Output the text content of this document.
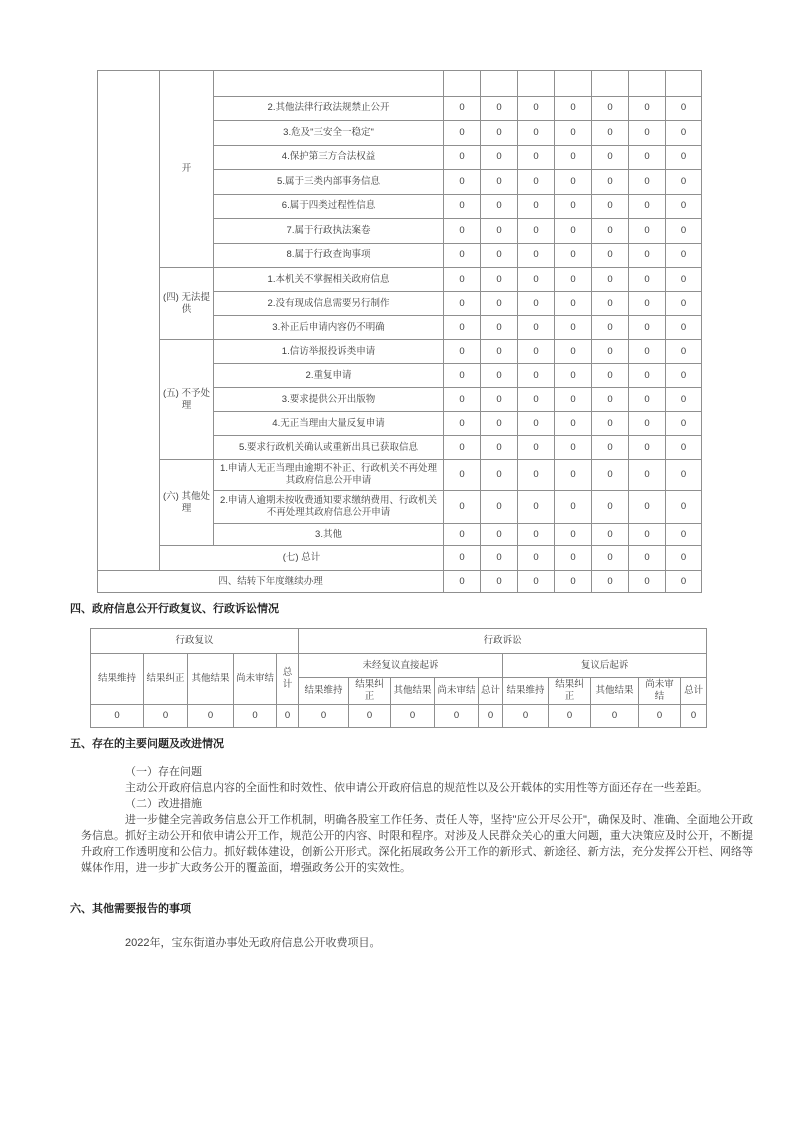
	开								
		2.其他法律行政法规禁止公开	0	0	0	0	0	0	0
		3.危及"三安全一稳定"	0	0	0	0	0	0	0
		4.保护第三方合法权益	0	0	0	0	0	0	0
		5.属于三类内部事务信息	0	0	0	0	0	0	0
		6.属于四类过程性信息	0	0	0	0	0	0	0
		7.属于行政执法案卷	0	0	0	0	0	0	0
		8.属于行政查询事项	0	0	0	0	0	0	0
	(四) 无法提供	1.本机关不掌握相关政府信息	0	0	0	0	0	0	0
		2.没有现成信息需要另行制作	0	0	0	0	0	0	0
		3.补正后申请内容仍不明确	0	0	0	0	0	0	0
	(五) 不予处理	1.信访举报投诉类申请	0	0	0	0	0	0	0
		2.重复申请	0	0	0	0	0	0	0
		3.要求提供公开出版物	0	0	0	0	0	0	0
		4.无正当理由大量反复申请	0	0	0	0	0	0	0
		5.要求行政机关确认或重新出具已获取信息	0	0	0	0	0	0	0
	(六) 其他处理	1.申请人无正当理由逾期不补正、行政机关不再处理其政府信息公开申请	0	0	0	0	0	0	0
		2.申请人逾期未按收费通知要求缴纳费用、行政机关不再处理其政府信息公开申请	0	0	0	0	0	0	0
		3.其他	0	0	0	0	0	0	0
	(七) 总计		0	0	0	0	0	0	0
四、结转下年度继续办理			0	0	0	0	0	0	0
四、政府信息公开行政复议、行政诉讼情况
行政复议					行政诉讼									
结果维持	结果纠正	其他结果	尚未审结	总计	未经复议直接起诉					复议后起诉				
					结果维持	结果纠正	其他结果	尚未审结	总计	结果维持	结果纠正	其他结果	尚未审结	总计
0	0	0	0	0	0	0	0	0	0	0	0	0	0	0
五、存在的主要问题及改进情况
（一）存在问题
主动公开政府信息内容的全面性和时效性、依申请公开政府信息的规范性以及公开载体的实用性等方面还存在一些差距。
（二）改进措施
进一步健全完善政务信息公开工作机制，明确各股室工作任务、责任人等，坚持"应公开尽公开"，确保及时、准确、全面地公开政务信息。抓好主动公开和依申请公开工作，规范公开的内容、时限和程序。对涉及人民群众关心的重大问题，重大决策应及时公开，不断提升政府工作透明度和公信力。抓好载体建设，创新公开形式。深化拓展政务公开工作的新形式、新途径、新方法，充分发挥公开栏、网络等媒体作用，进一步扩大政务公开的覆盖面，增强政务公开的实效性。
六、其他需要报告的事项
2022年，宝东街道办事处无政府信息公开收费项目。
